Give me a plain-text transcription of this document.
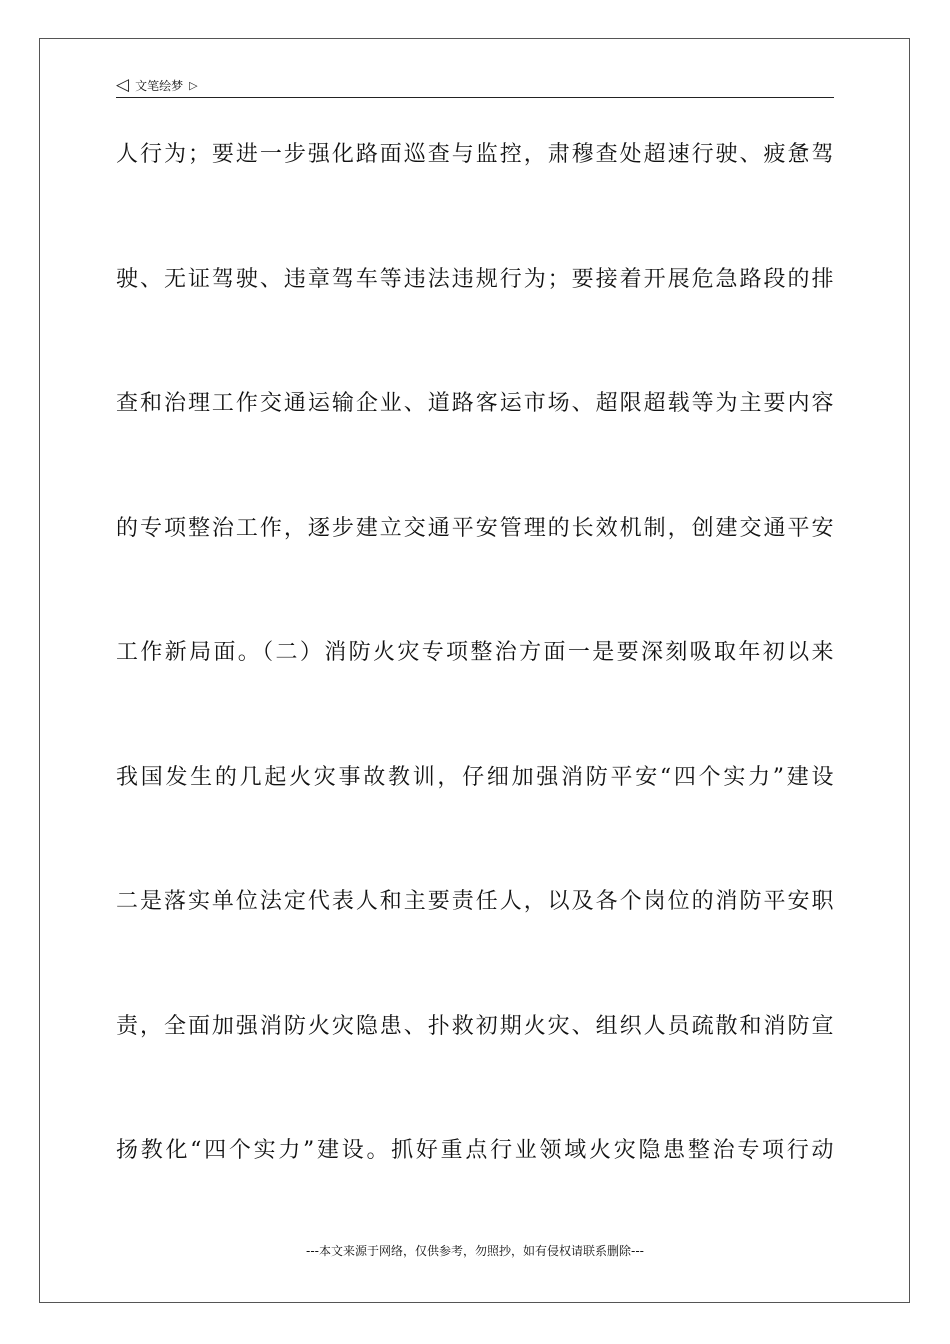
◁ 文笔绘梦 ▷
人行为；要进一步强化路面巡查与监控，肃穆查处超速行驶、疲惫驾
驶、无证驾驶、违章驾车等违法违规行为；要接着开展危急路段的排
查和治理工作交通运输企业、道路客运市场、超限超载等为主要内容
的专项整治工作，逐步建立交通平安管理的长效机制，创建交通平安
工作新局面。（二）消防火灾专项整治方面一是要深刻吸取年初以来
我国发生的几起火灾事故教训，仔细加强消防平安“四个实力”建设
二是落实单位法定代表人和主要责任人，以及各个岗位的消防平安职
责，全面加强消防火灾隐患、扑救初期火灾、组织人员疏散和消防宣
扬教化“四个实力”建设。抓好重点行业领域火灾隐患整治专项行动
---本文来源于网络，仅供参考，勿照抄，如有侵权请联系删除---
